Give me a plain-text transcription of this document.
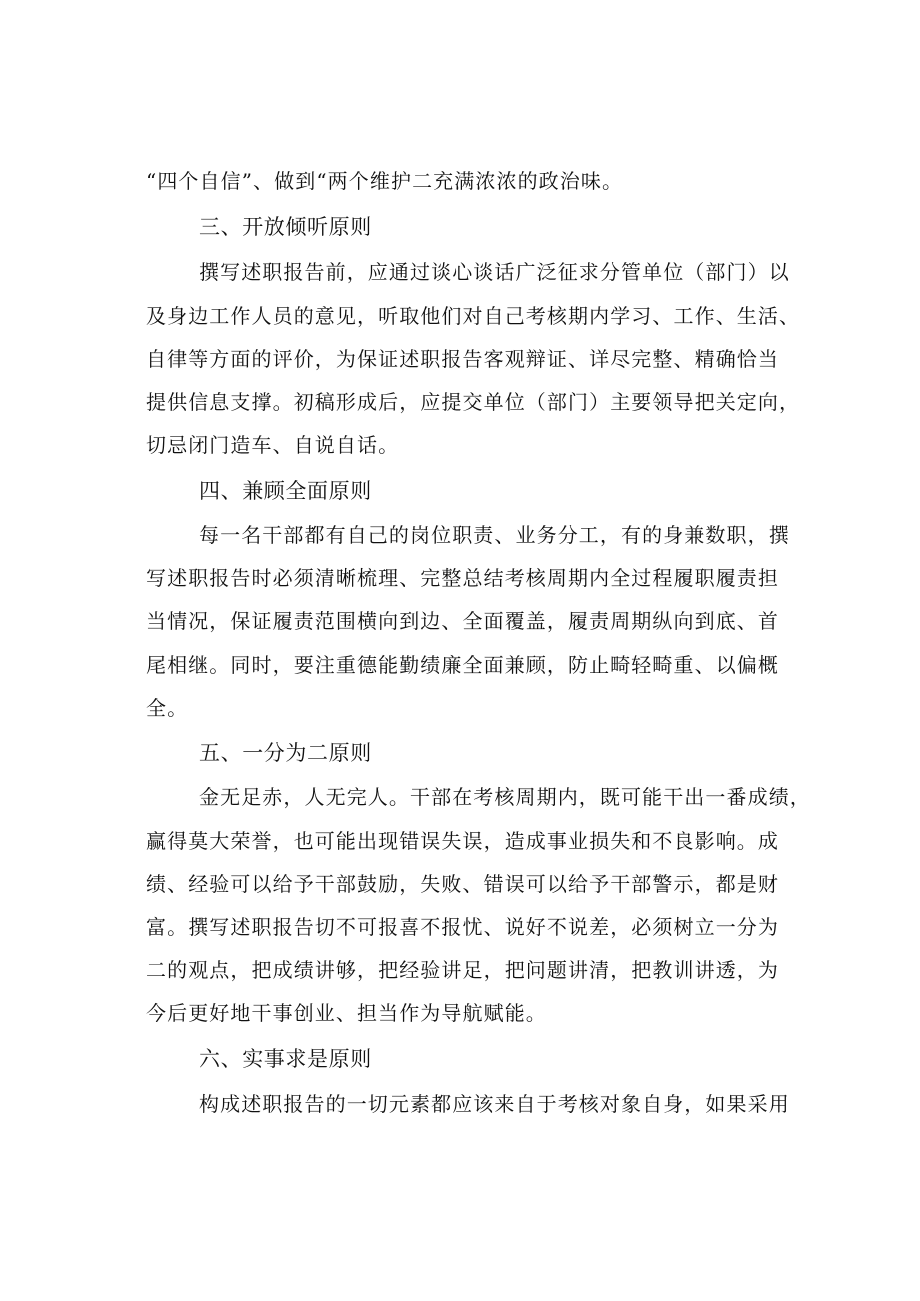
“四个自信”、做到“两个维护二充满浓浓的政治味。
三、开放倾听原则
撰写述职报告前，应通过谈心谈话广泛征求分管单位（部门）以
及身边工作人员的意见，听取他们对自己考核期内学习、工作、生活、
自律等方面的评价，为保证述职报告客观辩证、详尽完整、精确恰当
提供信息支撑。初稿形成后，应提交单位（部门）主要领导把关定向，
切忌闭门造车、自说自话。
四、兼顾全面原则
每一名干部都有自己的岗位职责、业务分工，有的身兼数职，撰
写述职报告时必须清晰梳理、完整总结考核周期内全过程履职履责担
当情况，保证履责范围横向到边、全面覆盖，履责周期纵向到底、首
尾相继。同时，要注重德能勤绩廉全面兼顾，防止畸轻畸重、以偏概
全。
五、一分为二原则
金无足赤，人无完人。干部在考核周期内，既可能干出一番成绩，
赢得莫大荣誉，也可能出现错误失误，造成事业损失和不良影响。成
绩、经验可以给予干部鼓励，失败、错误可以给予干部警示，都是财
富。撰写述职报告切不可报喜不报忧、说好不说差，必须树立一分为
二的观点，把成绩讲够，把经验讲足，把问题讲清，把教训讲透，为
今后更好地干事创业、担当作为导航赋能。
六、实事求是原则
构成述职报告的一切元素都应该来自于考核对象自身，如果采用
